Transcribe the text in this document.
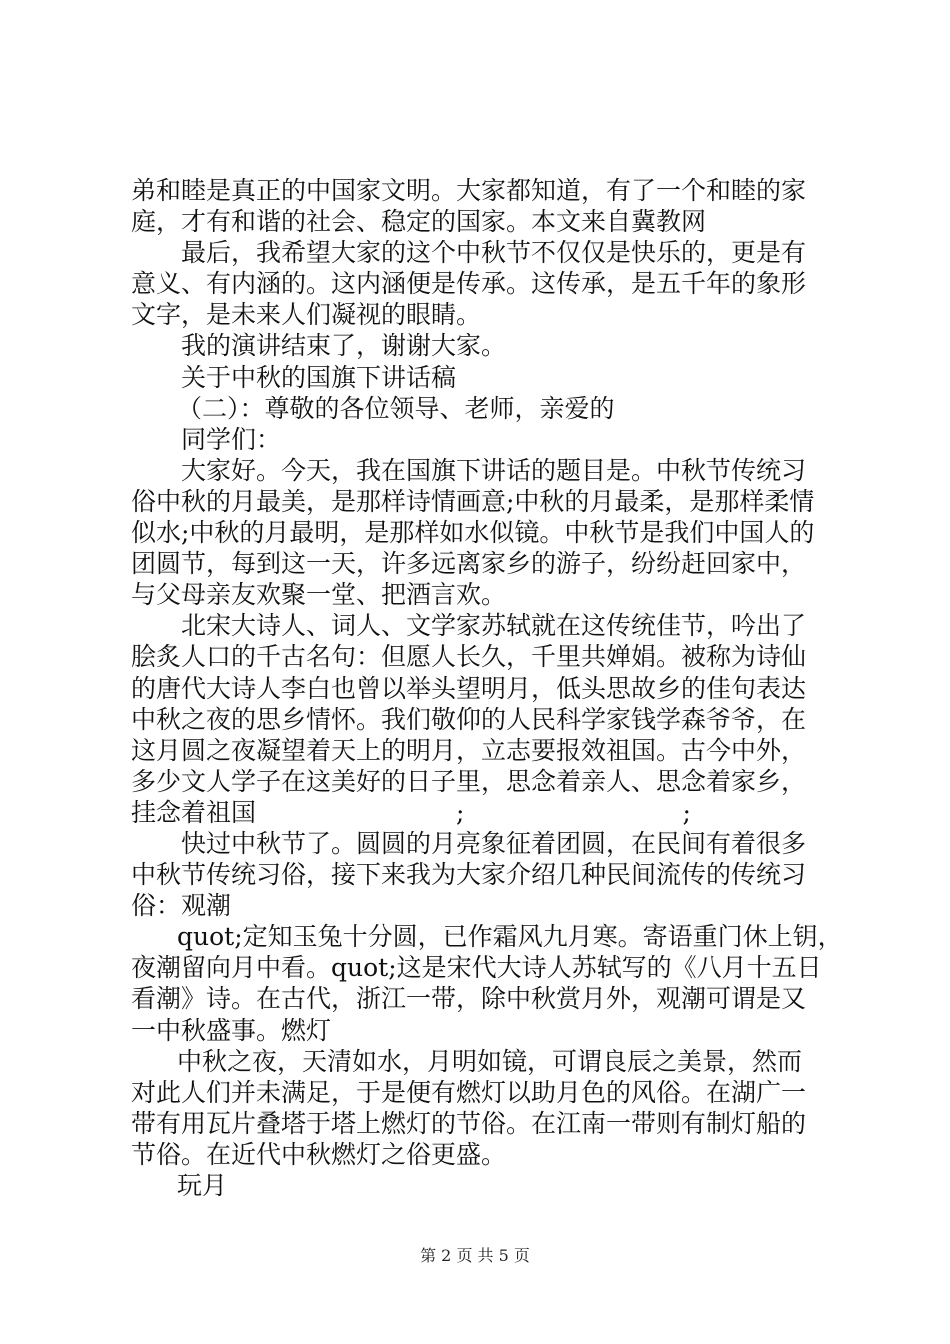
弟和睦是真正的中国家文明。大家都知道，有了一个和睦的家
庭，才有和谐的社会、稳定的国家。本文来自冀教网
最后，我希望大家的这个中秋节不仅仅是快乐的，更是有
意义、有内涵的。这内涵便是传承。这传承，是五千年的象形
文字，是未来人们凝视的眼睛。
我的演讲结束了，谢谢大家。
关于中秋的国旗下讲话稿
（二）：尊敬的各位领导、老师，亲爱的
同学们：
大家好。今天，我在国旗下讲话的题目是。中秋节传统习
俗中秋的月最美，是那样诗情画意;中秋的月最柔，是那样柔情
似水;中秋的月最明，是那样如水似镜。中秋节是我们中国人的
团圆节，每到这一天，许多远离家乡的游子，纷纷赶回家中，
与父母亲友欢聚一堂、把酒言欢。
北宋大诗人、词人、文学家苏轼就在这传统佳节，吟出了
脍炙人口的千古名句：但愿人长久，千里共婵娟。被称为诗仙
的唐代大诗人李白也曾以举头望明月，低头思故乡的佳句表达
中秋之夜的思乡情怀。我们敬仰的人民科学家钱学森爷爷，在
这月圆之夜凝望着天上的明月，立志要报效祖国。古今中外，
多少文人学子在这美好的日子里，思念着亲人、思念着家乡，
挂念着祖国	;	;
快过中秋节了。圆圆的月亮象征着团圆，在民间有着很多
中秋节传统习俗，接下来我为大家介绍几种民间流传的传统习
俗：观潮
quot;定知玉兔十分圆，已作霜风九月寒。寄语重门休上钥，
夜潮留向月中看。quot;这是宋代大诗人苏轼写的《八月十五日
看潮》诗。在古代，浙江一带，除中秋赏月外，观潮可谓是又
一中秋盛事。燃灯
中秋之夜，天清如水，月明如镜，可谓良辰之美景，然而
对此人们并未满足，于是便有燃灯以助月色的风俗。在湖广一
带有用瓦片叠塔于塔上燃灯的节俗。在江南一带则有制灯船的
节俗。在近代中秋燃灯之俗更盛。
玩月
第 2 页 共 5 页
